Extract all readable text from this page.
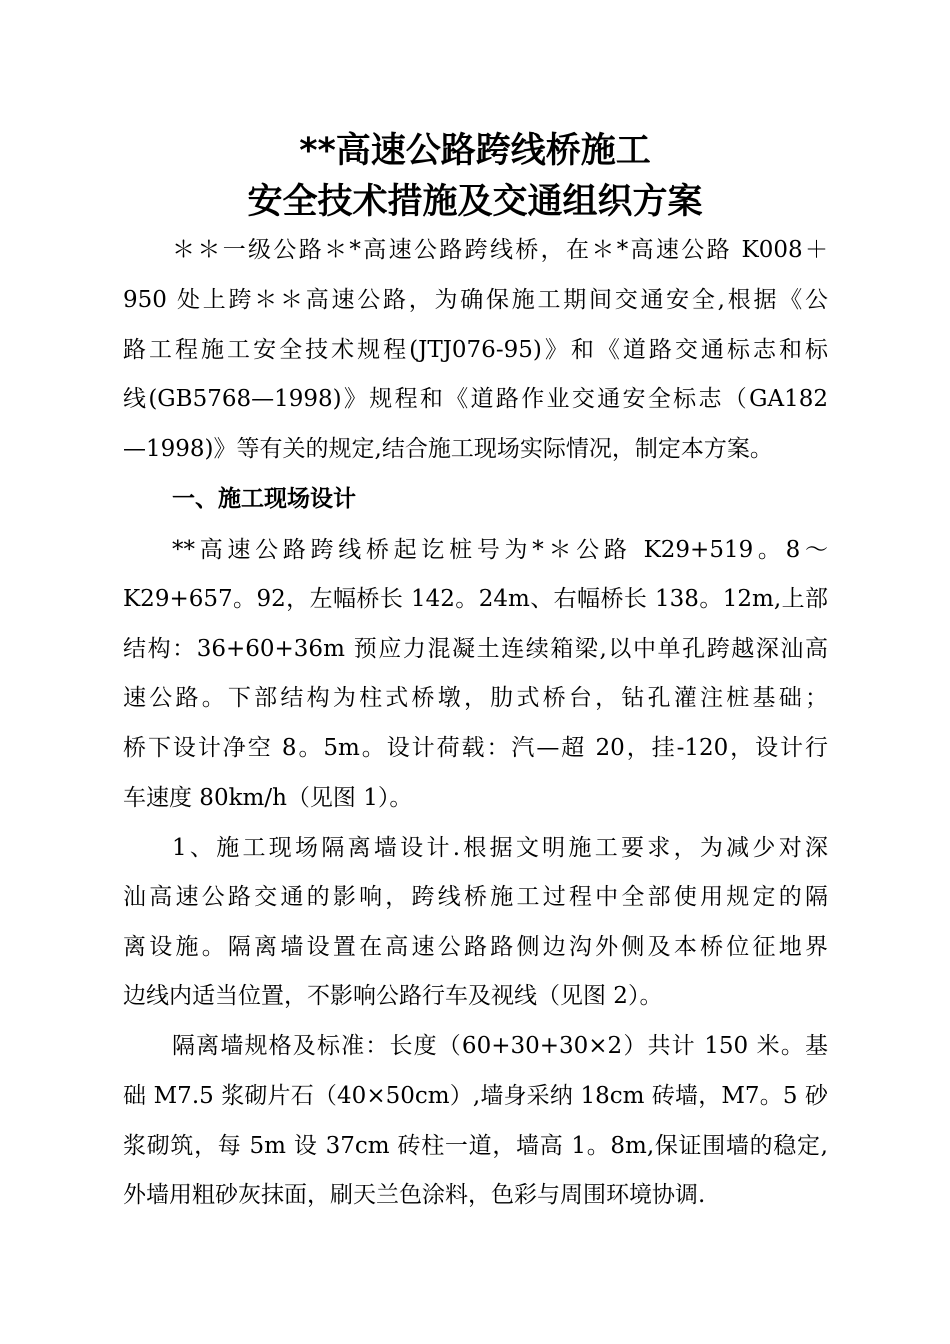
**高速公路跨线桥施工
安全技术措施及交通组织方案
＊＊一级公路＊*高速公路跨线桥，在＊*高速公路 K008＋
950 处上跨＊＊高速公路，为确保施工期间交通安全,根据《公
路工程施工安全技术规程(JTJ076-95)》和《道路交通标志和标
线(GB5768—1998)》规程和《道路作业交通安全标志（GA182
—1998)》等有关的规定,结合施工现场实际情况，制定本方案。
一、施工现场设计
**高速公路跨线桥起讫桩号为*＊公路 K29+519。8～
K29+657。92，左幅桥长 142。24m、右幅桥长 138。12m,上部
结构：36+60+36m 预应力混凝土连续箱梁,以中单孔跨越深汕高
速公路。下部结构为柱式桥墩，肋式桥台，钻孔灌注桩基础；
桥下设计净空 8。5m。设计荷载：汽—超 20，挂-120，设计行
车速度 80km/h（见图 1）。
1、施工现场隔离墙设计.根据文明施工要求，为减少对深
汕高速公路交通的影响，跨线桥施工过程中全部使用规定的隔
离设施。隔离墙设置在高速公路路侧边沟外侧及本桥位征地界
边线内适当位置，不影响公路行车及视线（见图 2）。
隔离墙规格及标准：长度（60+30+30×2）共计 150 米。基
础 M7.5 浆砌片石（40×50cm）,墙身采纳 18cm 砖墙，M7。5 砂
浆砌筑，每 5m 设 37cm 砖柱一道，墙高 1。8m,保证围墙的稳定,
外墙用粗砂灰抹面，刷天兰色涂料，色彩与周围环境协调.
